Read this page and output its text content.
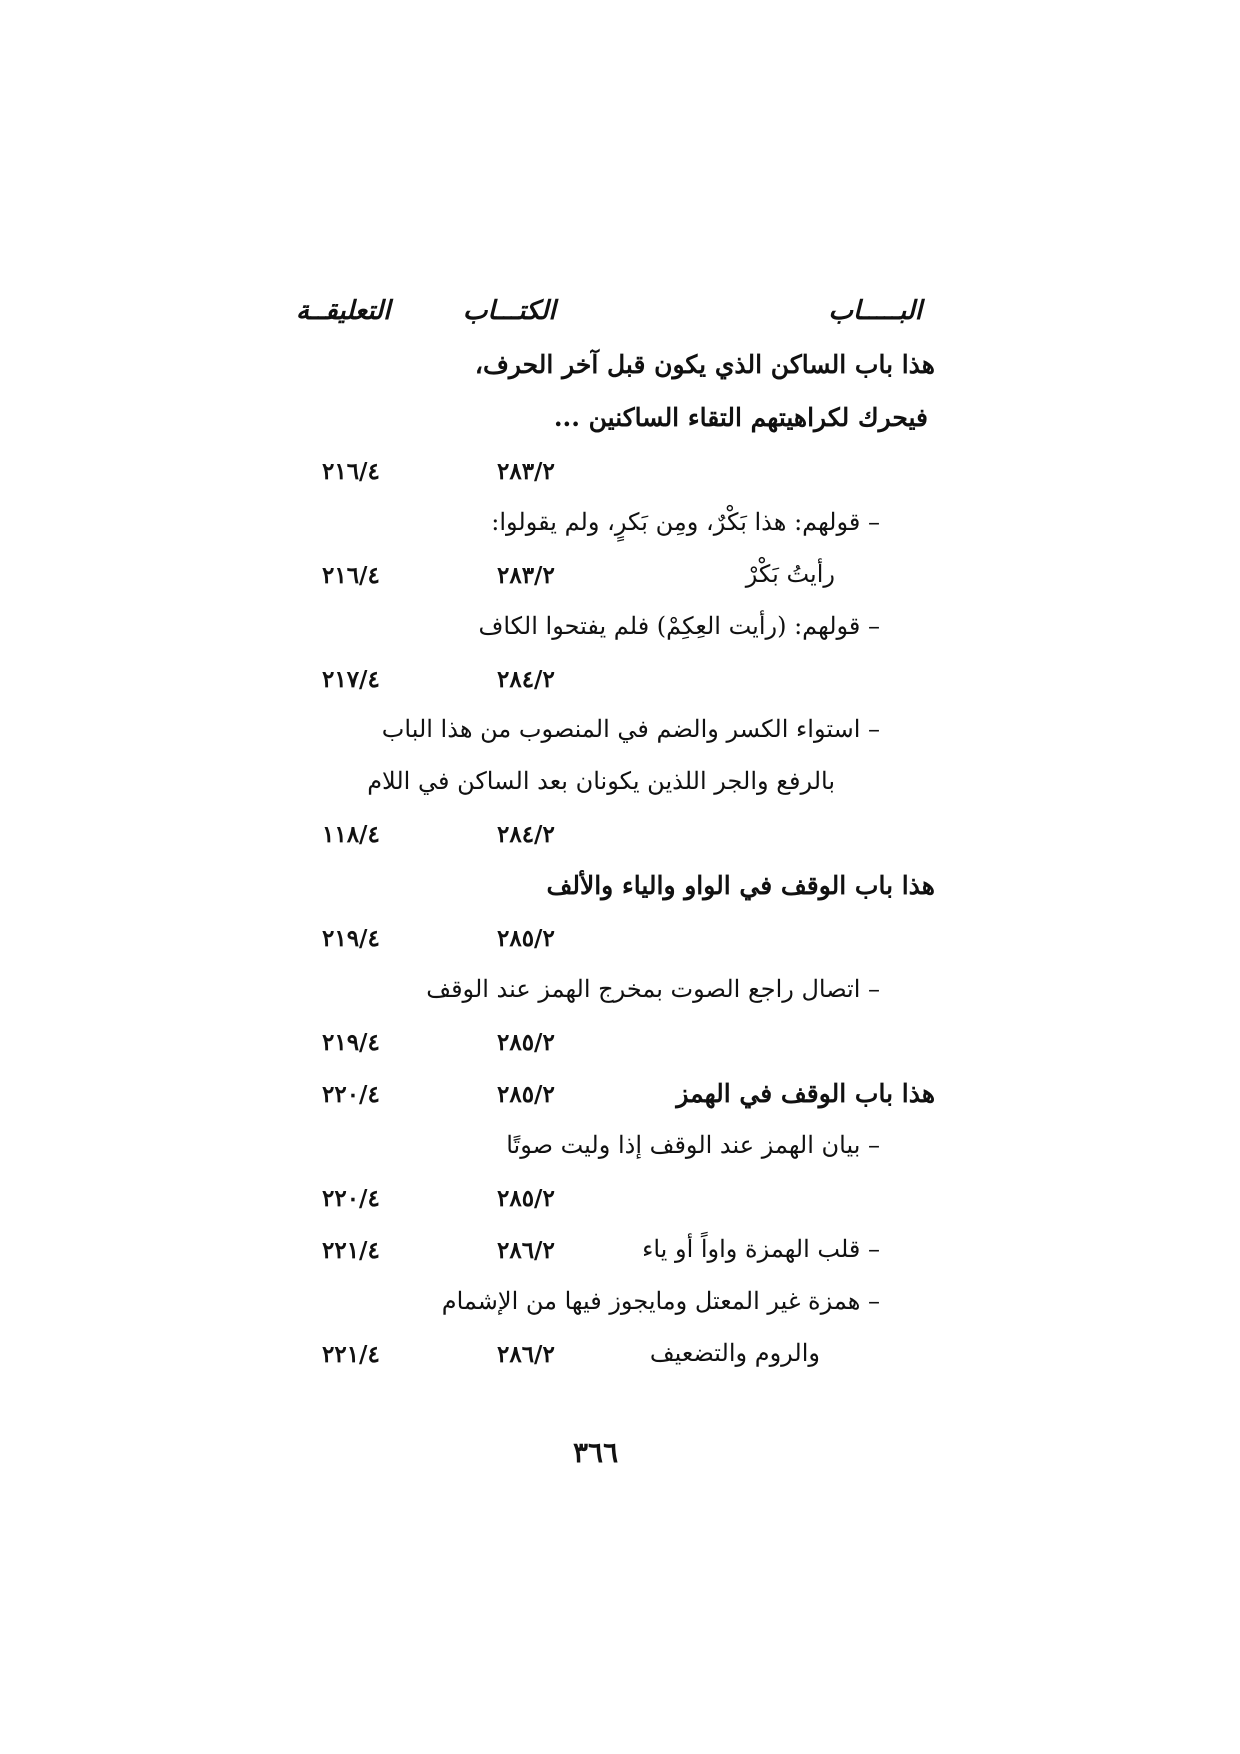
البـــــاب
الكتـــاب
التعليقــة
هذا باب الساكن الذي يكون قبل آخر الحرف،
فيحرك لكراهيتهم التقاء الساكنين ...
٢٨٣/٢
٢١٦/٤
– قولهم: هذا بَكْرٌ، ومِن بَكرٍ، ولم يقولوا:
رأيتُ بَكْرْ
٢٨٣/٢
٢١٦/٤
– قولهم: (رأيت العِكِمْ) فلم يفتحوا الكاف
٢٨٤/٢
٢١٧/٤
– استواء الكسر والضم في المنصوب من هذا الباب
بالرفع والجر اللذين يكونان بعد الساكن في اللام
٢٨٤/٢
١١٨/٤
هذا باب الوقف في الواو والياء والألف
٢٨٥/٢
٢١٩/٤
– اتصال راجع الصوت بمخرج الهمز عند الوقف
٢٨٥/٢
٢١٩/٤
هذا باب الوقف في الهمز
٢٨٥/٢
٢٢٠/٤
– بيان الهمز عند الوقف إذا وليت صوتًا
٢٨٥/٢
٢٢٠/٤
– قلب الهمزة واواً أو ياء
٢٨٦/٢
٢٢١/٤
– همزة غير المعتل ومايجوز فيها من الإشمام
والروم والتضعيف
٢٨٦/٢
٢٢١/٤
٣٦٦
